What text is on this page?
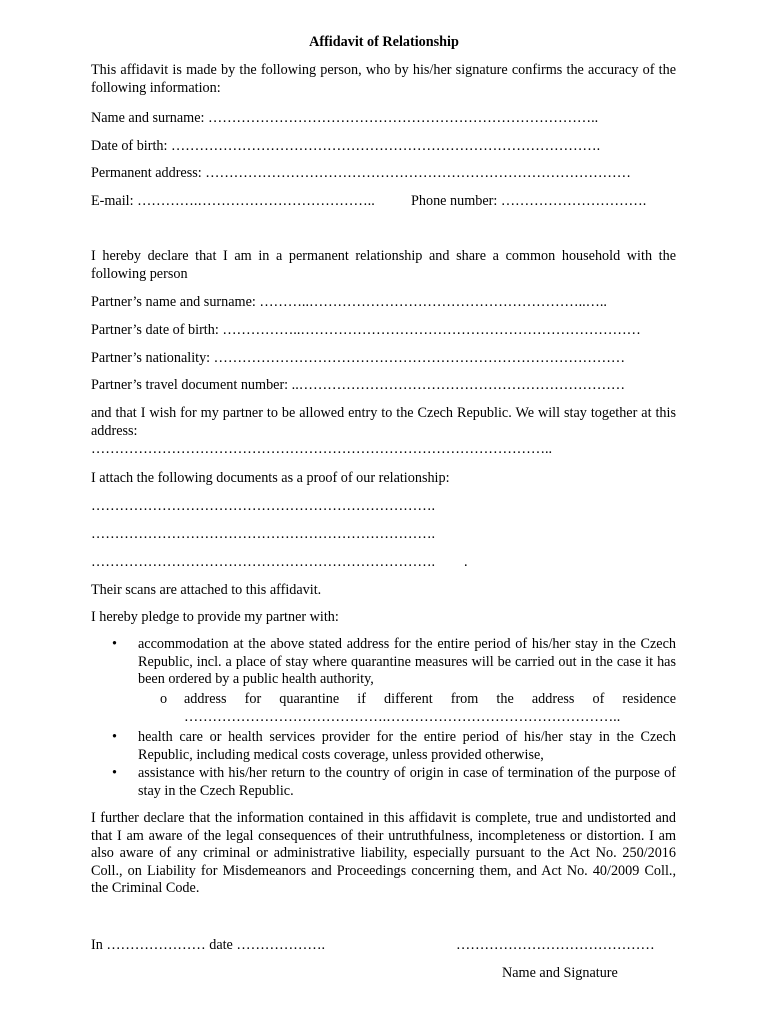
Affidavit of Relationship

This affidavit is made by the following person, who by his/her signature confirms the accuracy of the following information:

Name and surname: ………………………………………………………………………..

Date of birth: ……………………………………………………………………………….

Permanent address: ………………………………………………………………………………

E-mail: ………….………………………………..	Phone number: ………………………….

I hereby declare that I am in a permanent relationship and share a common household with the following person

Partner’s name and surname: ………..…………………………………………………..…..

Partner’s date of birth: ……………..………………………………………………………………

Partner’s nationality: ……………………………………………………………………………

Partner’s travel document number: ..……………………………………………………………

and that I wish for my partner to be allowed entry to the Czech Republic. We will stay together at this address:

……………………………………………………………………………………..

I attach the following documents as a proof of our relationship:

……………………………………………………………….

……………………………………………………………….

………………………………………………………………. .

Their scans are attached to this affidavit.

I hereby pledge to provide my partner with:

• accommodation at the above stated address for the entire period of his/her stay in the Czech Republic, incl. a place of stay where quarantine measures will be carried out in the case it has been ordered by a public health authority,

o address for quarantine if different from the address of residence

…………………………………….…………………………………………..

• health care or health services provider for the entire period of his/her stay in the Czech Republic, including medical costs coverage, unless provided otherwise,

• assistance with his/her return to the country of origin in case of termination of the purpose of stay in the Czech Republic.

I further declare that the information contained in this affidavit is complete, true and undistorted and that I am aware of the legal consequences of their untruthfulness, incompleteness or distortion. I am also aware of any criminal or administrative liability, especially pursuant to the Act No. 250/2016 Coll., on Liability for Misdemeanors and Proceedings concerning them, and Act No. 40/2009 Coll., the Criminal Code.

In ………………… date ……………….	……………………………………
Name and Signature
